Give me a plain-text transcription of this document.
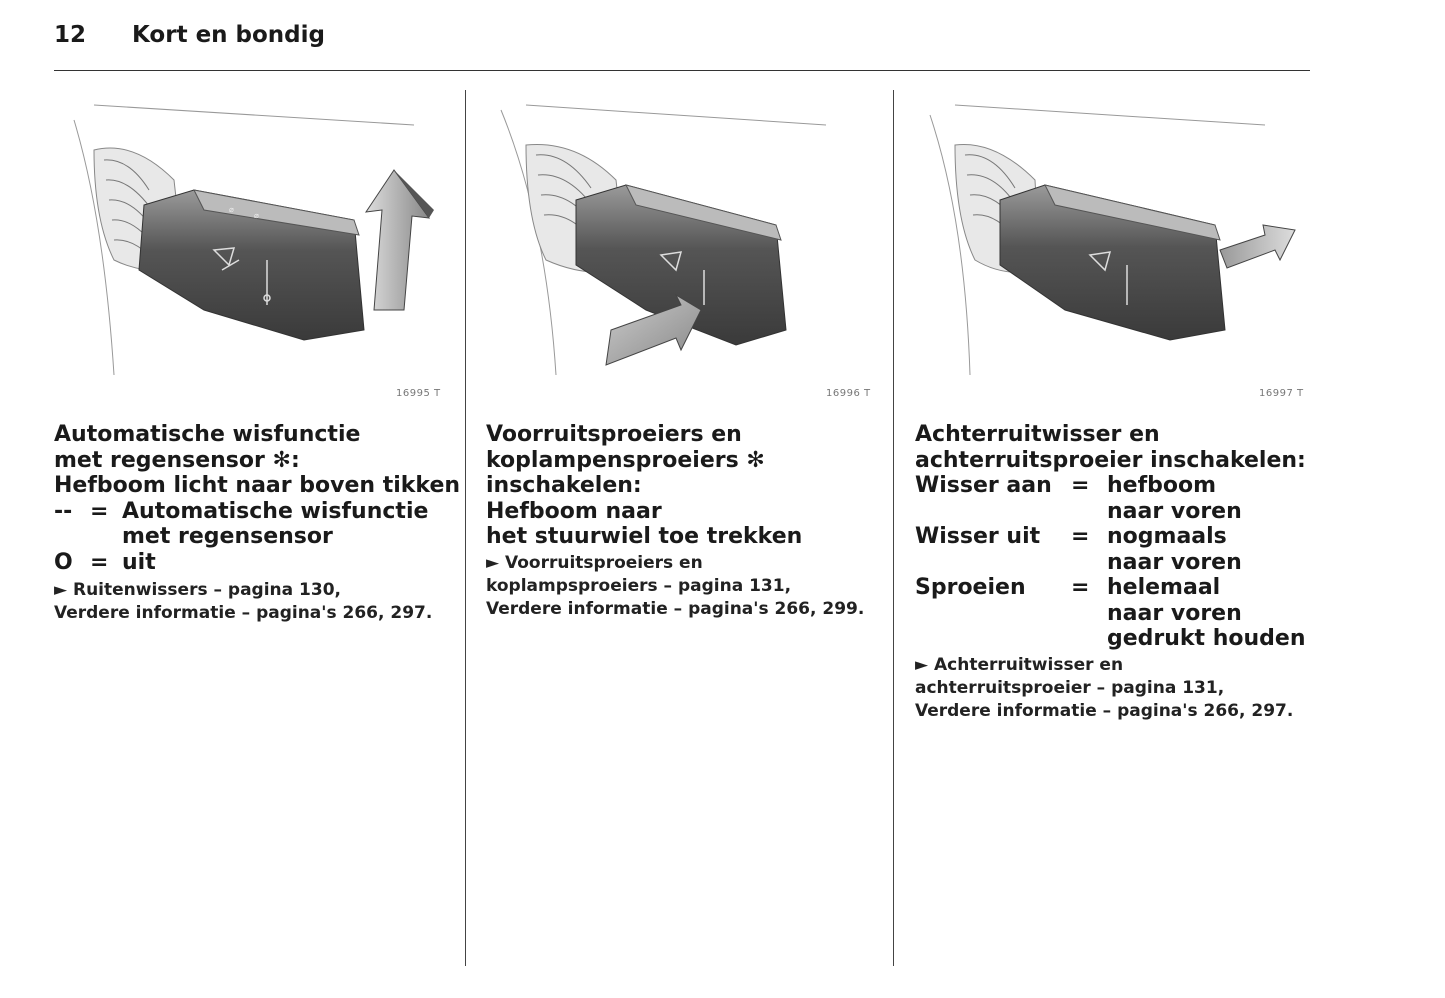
12 Kort en bondig
⌀
⌀
16995 T
Automatische wisfunctie
met regensensor ✻:
Hefboom licht naar boven tikken
-- = Automatische wisfunctie
met regensensor
O = uit
► Ruitenwissers – pagina 130,
Verdere informatie – pagina's 266, 297.
16996 T
Voorruitsproeiers en
koplampensproeiers ✻
inschakelen:
Hefboom naar
het stuurwiel toe trekken
► Voorruitsproeiers en
koplampsproeiers – pagina 131,
Verdere informatie – pagina's 266, 299.
16997 T
Achterruitwisser en
achterruitsproeier inschakelen:
Wisser aan = hefboom
naar voren
Wisser uit	= nogmaals
naar voren
Sproeien	= helemaal
naar voren
gedrukt houden
► Achterruitwisser en
achterruitsproeier – pagina 131,
Verdere informatie – pagina's 266, 297.
